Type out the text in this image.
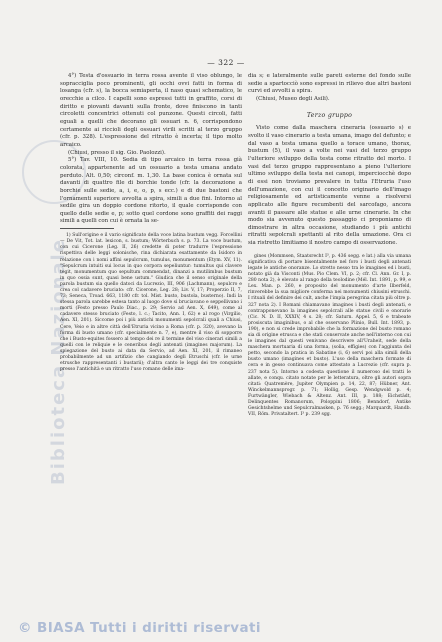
Biblioteca Nazionale
— 322 —

4°) Testa d'ossuario in terra rossa avente il viso oblungo, le sopracciglia poco prominenti, gli occhi ovvi fatti in forma di losanga (cfr. s), la bocca semiaperta, il naso quasi schematico, le orecchie a cilco. I capelli sono espressi tutti in graffito, corsi di diritto e piovanti davanti sulla fronte, dove finiscono in tanti circoletti concentrici ottenuti col punzone. Questi circoli, fatti eguali a quelli che decorano gli ossuari n. 6, corrispondono certamente ai riccioli degli ossuari virili scritti al terzo gruppo (cfr. p. 328). L'espressione del ritratto è incerta; il tipo molto arcaico.

(Chiusi, presso il sig. Gio. Paolozzi).

5°) Tav. VIII, 10. Sedia di tipo arcaico in terra rossa già colorata, appartenente ad un ossuario a testa umana andato perduto. Alt. 0,50; circonf. m. 1,30. La base conica è ornata sul davanti di quattro file di borchie tonde (cfr. la decorazione a borchie sulle sedie, a, i, e, o, p, s ecc.) e di due bastoni che l'ornamenti superiore avvolta a spira, simili a due fini. Intorno al sedile gira un doppio cordone ritorto, il quale corrisponde con quello delle sedie e, p; sotto quel cordone sono graffiti dei raggi simili a quelli con cui è ornata la se-

1) Sull'origine e il vario significato della voce latina bustum vegg. Forcellini — De Vit, Tot. lat. lexicon, s. bustum; Wörterbuch s. p. 73. La voce bustum, con cui Cicerone (Leg. II, 26) credette di poter tradurre l'espressione rispettiva delle leggi solonische, rina dichiarata esattamente da Isidoro in relazione con i nomi affini sepulcrum, tumulus, monumentum (Etym. XV, 11). "Sepulcrum intuiti sui locus in quo corpora sepeliuntur: tumultus qui clavere tegit, monumentum quo sepultum commendat, dinanzi a mutilimbus bustum in quo ossia sunt, quasi bene ustum." Giudica che il senso originale della parola bustum sia quello datoci da Lucrezio, III, 906 (Lachmann), sepulcro e crea col cadavere bruciato: cfr. Cicerone, Leg. 28; Liv. V, 17; Properzio II, 7, 73; Seneca, Troad. 663, 1180 cfr. tol. Mist. busto, bustola, busterno). Indi la stessa parola sarebbe estesa tanto al luogo dove si bruciavano e seppellivano i morti (Festo presso Paulo Diac., p. 29; Servio ad Aen. X, 649), come al cadavere stesso bruciato (Festo, l. c.; Tacito, Ann. I, 62) e al rogo (Virgilio, Aen. XI, 201). Siccome poi i più antichi monumenti sepolcrali quali a Chiusi, Cere, Veio e in altre città dell'Etruria vicino a Roma (cfr. p. 320), avevano la forma di busto umano (cfr. specialmente n. 7, e), mentre il viso di sopporre che i Busto-equites fossero al tempo dei re il termine del viso cinerari simili a quelli con le reliquie e le ceneribus degli antenati (imagines majorum). La spiegazione del busto ai data da Servio, ad Aen. XI, 201, il rimaneo probabilmente ad un artifizio che cangiando degli Etruschi (cfr. le urne etrusche rappresentanti i bustarii); d'altra canto le leggi dei tre conquiste presso l'antichità e un ritratto l'uso romano delle ima-

dia s; e lateralmente sulle pareti esterne del fondo sulle sedie a spartocciò sono espressi in rilievo due altri bastoni curvi ed avvolti a spira.

(Chiusi, Museo degli Asili).

Terzo gruppo

Visto come dalla maschera cineraria (ossuario s) e svolto il vaso cinerario a testa umana, imago del defunto; e dal vaso a testa umana quello a torace umano, thorax, bustum (5), il vaso a volte nei vasi del terzo gruppo l'ulteriore sviluppo della testa come ritratto del morto. I vasi del terzo gruppo rappresentano a pieno l'ulteriore ultimo sviluppo della testa nei canopi, imperciocchè dopo di essi non troviamo prevalere in tutta l'Etruria l'uso dell'umazione, con cui il concetto originario dell'imago religiosamente ed artisticamente venne a risolversi applicato alle figure recumbenti del sarcofago, ancora avanti il passare alle statue e alle urne cinerarie. In che modo sia avvenuto questo passaggio ci proponiamo di dimostrare in altra occasione, studiando i più antichi ritratti sepolcrali spettanti al rito della umazione. Ora ci sia ristretto limitiamo il nostro campo di osservazione.

gines (Mommsen, Staatsrecht I³, p. 436 segg. e lat.) alla via umana significativa di portare bisentalmente nel foro i busti degli antenati legate le antiche onoranze. Lo stretto nesso tra le imagines ed i busti, notato già da Visconti (Mus. Pio Clem. VI, p. 2; cfr. Cl. Ann. Gr. I, p. 280 nota 2), è elevato al rango della teolodine (Mél. Int. 1891, p. 99, e Lex. Man. p. 260, e proposito del monumento d'arte Ilberfeld, rinverebbe la sua migliore conferma nei monumenti chiusini etruschi. I rituali del definire dei cult, anche l'impia peregrina citata più oltre p. 327 nota 2). I Romani chiamavano imagines i busti degli antenati, e contrapponevano la imagines sepolcrali alle statue civili e onorarie (Cic. N. D. II, XXXIV, 4 s. 28; cfr. Saturn. Appel. 5, 6 e trabeate prosiscuta imaginibus, o al che osservano Plinio, Bull. Int. 1893, p. 190), e non si crede improbabile che la formazione del busto romano sia di origine etrusca e che stati conservate anche nell'interno con cui le imagines dal questi venivano descrivere all'Uraheit, sede della maschera mortuaria di una forma, (solia, effigies) con l'aggiunta del petto, secondo la pratica in Sabatine (i, 6) servì poi alla simili della busto umano (imagines et busto). L'uso della maschera formate di cera e in gesso continuava come attestato a Lucrezio (cfr. supra p. 237 nota 5). Intorno a codesta questione il numeroso dei tratti le allate, e conqu. citato notate per le letteratura, oltre gli autori sopra citati: Quatremère, Jupiter Olympien p. 14, 22, 87; Hübner, Ant. Winckelmannsprogr. p. 71; Hollig, Gesp. Wendgwold p. 4; Furtwängler, Wiebach & Altenz. Ant. III, p. 188; Eichstädt, Delinquentes Romanorum, Poloppini 1806; Benndorf, Antike Gesichtshelme und Sepulcralmasken, p. 76 segg.; Marquardt, Handb. VII, Röm. Privataltert. I³ p. 239 sgg.

© BIASA Tutti i diritti riservati
